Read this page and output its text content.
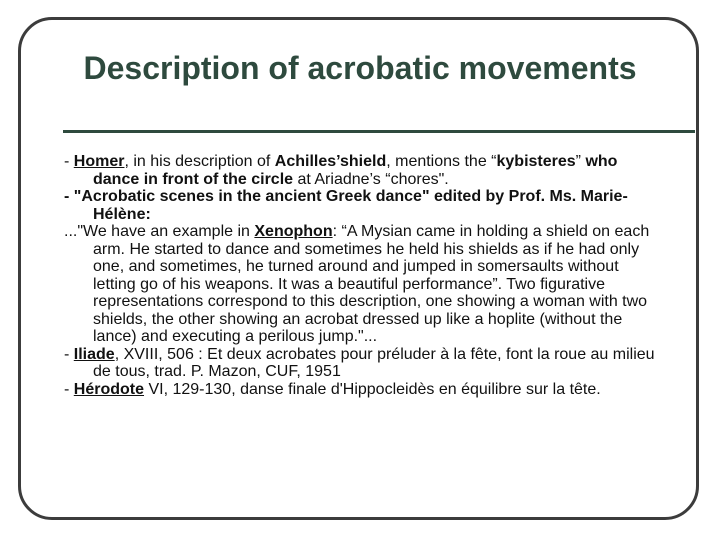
Description of acrobatic movements

- Homer, in his description of Achilles’shield, mentions the “kybisteres” who dance in front of the circle at Ariadne’s “chores".

- "Acrobatic scenes in the ancient Greek dance" edited by Prof. Ms. Marie-Hélène:

..."We have an example in Xenophon: “A Mysian came in holding a shield on each arm. He started to dance and sometimes he held his shields as if he had only one, and sometimes, he turned around and jumped in somersaults without letting go of his weapons. It was a beautiful performance”. Two figurative representations correspond to this description, one showing a woman with two shields, the other showing an acrobat dressed up like a hoplite (without the lance) and executing a perilous jump."...

- Iliade, XVIII, 506 : Et deux acrobates pour préluder à la fête, font la roue au milieu de tous, trad. P. Mazon, CUF, 1951

- Hérodote VI, 129-130, danse finale d'Hippocleidès en équilibre sur la tête.
